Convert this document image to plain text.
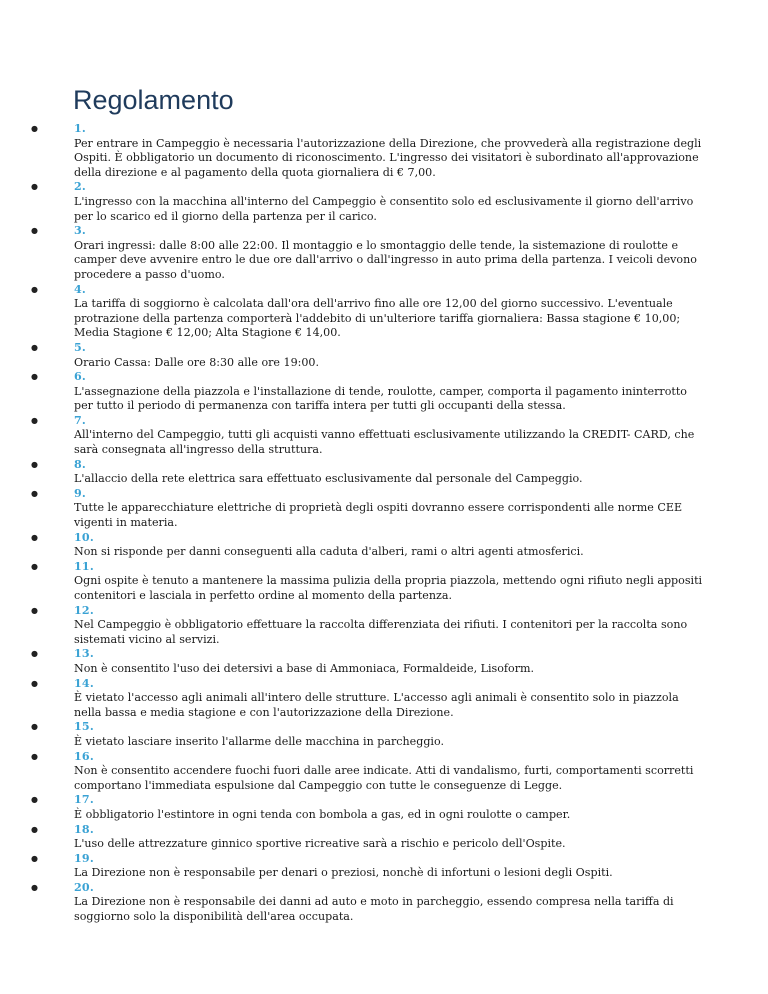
Regolamento
●	1.
Per entrare in Campeggio è necessaria l'autorizzazione della Direzione, che provvederà alla registrazione degli Ospiti. È obbligatorio un documento di riconoscimento. L'ingresso dei visitatori è subordinato all'approvazione della direzione e al pagamento della quota giornaliera di € 7,00.
●	2.
L'ingresso con la macchina all'interno del Campeggio è consentito solo ed esclusivamente il giorno dell'arrivo per lo scarico ed il giorno della partenza per il carico.
●	3.
Orari ingressi: dalle 8:00 alle 22:00. Il montaggio e lo smontaggio delle tende, la sistemazione di roulotte e camper deve avvenire entro le due ore dall'arrivo o dall'ingresso in auto prima della partenza. I veicoli devono procedere a passo d'uomo.
●	4.
La tariffa di soggiorno è calcolata dall'ora dell'arrivo fino alle ore 12,00 del giorno successivo. L'eventuale protrazione della partenza comporterà l'addebito di un'ulteriore tariffa giornaliera: Bassa stagione € 10,00; Media Stagione € 12,00; Alta Stagione € 14,00.
●	5.
Orario Cassa: Dalle ore 8:30 alle ore 19:00.
●	6.
L'assegnazione della piazzola e l'installazione di tende, roulotte, camper, comporta il pagamento ininterrotto per tutto il periodo di permanenza con tariffa intera per tutti gli occupanti della stessa.
●	7.
All'interno del Campeggio, tutti gli acquisti vanno effettuati esclusivamente utilizzando la CREDIT- CARD, che sarà consegnata all'ingresso della struttura.
●	8.
L'allaccio della rete elettrica sara effettuato esclusivamente dal personale del Campeggio.
●	9.
Tutte le apparecchiature elettriche di proprietà degli ospiti dovranno essere corrispondenti alle norme CEE vigenti in materia.
●	10.
Non si risponde per danni conseguenti alla caduta d'alberi, rami o altri agenti atmosferici.
●	11.
Ogni ospite è tenuto a mantenere la massima pulizia della propria piazzola, mettendo ogni rifiuto negli appositi contenitori e lasciala in perfetto ordine al momento della partenza.
●	12.
Nel Campeggio è obbligatorio effettuare la raccolta differenziata dei rifiuti. I contenitori per la raccolta sono sistemati vicino al servizi.
●	13.
Non è consentito l'uso dei detersivi a base di Ammoniaca, Formaldeide, Lisoform.
●	14.
È vietato l'accesso agli animali all'intero delle strutture. L'accesso agli animali è consentito solo in piazzola nella bassa e media stagione e con l'autorizzazione della Direzione.
●	15.
È vietato lasciare inserito l'allarme delle macchina in parcheggio.
●	16.
Non è consentito accendere fuochi fuori dalle aree indicate. Atti di vandalismo, furti, comportamenti scorretti comportano l'immediata espulsione dal Campeggio con tutte le conseguenze di Legge.
●	17.
È obbligatorio l'estintore in ogni tenda con bombola a gas, ed in ogni roulotte o camper.
●	18.
L'uso delle attrezzature ginnico sportive ricreative sarà a rischio e pericolo dell'Ospite.
●	19.
La Direzione non è responsabile per denari o preziosi, nonchè di infortuni o lesioni degli Ospiti.
●	20.
La Direzione non è responsabile dei danni ad auto e moto in parcheggio, essendo compresa nella tariffa di soggiorno solo la disponibilità dell'area occupata.
